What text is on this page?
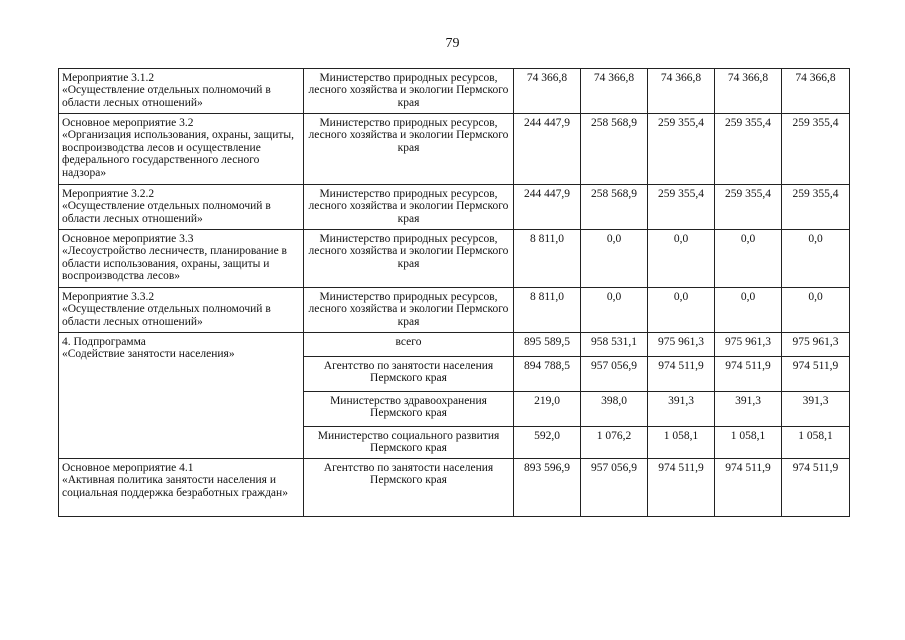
79
Мероприятие 3.1.2
«Осуществление отдельных полномочий в области лесных отношений»	Министерство природных ресурсов, лесного хозяйства и экологии Пермского края	74 366,8	74 366,8	74 366,8	74 366,8	74 366,8
Основное мероприятие 3.2
«Организация использования, охраны, защиты, воспроизводства лесов и осуществление федерального государственного лесного надзора»	Министерство природных ресурсов, лесного хозяйства и экологии Пермского края	244 447,9	258 568,9	259 355,4	259 355,4	259 355,4
Мероприятие 3.2.2
«Осуществление отдельных полномочий в области лесных отношений»	Министерство природных ресурсов, лесного хозяйства и экологии Пермского края	244 447,9	258 568,9	259 355,4	259 355,4	259 355,4
Основное мероприятие 3.3
«Лесоустройство лесничеств, планирование в области использования, охраны, защиты и воспроизводства лесов»	Министерство природных ресурсов, лесного хозяйства и экологии Пермского края	8 811,0	0,0	0,0	0,0	0,0
Мероприятие 3.3.2
«Осуществление отдельных полномочий в области лесных отношений»	Министерство природных ресурсов, лесного хозяйства и экологии Пермского края	8 811,0	0,0	0,0	0,0	0,0
4. Подпрограмма
«Содействие занятости населения»	всего	895 589,5	958 531,1	975 961,3	975 961,3	975 961,3
	Агентство по занятости населения Пермского края	894 788,5	957 056,9	974 511,9	974 511,9	974 511,9
	Министерство здравоохранения Пермского края	219,0	398,0	391,3	391,3	391,3
	Министерство социального развития Пермского края	592,0	1 076,2	1 058,1	1 058,1	1 058,1
Основное мероприятие 4.1
«Активная политика занятости населения и социальная поддержка безработных граждан»	Агентство по занятости населения Пермского края	893 596,9	957 056,9	974 511,9	974 511,9	974 511,9
